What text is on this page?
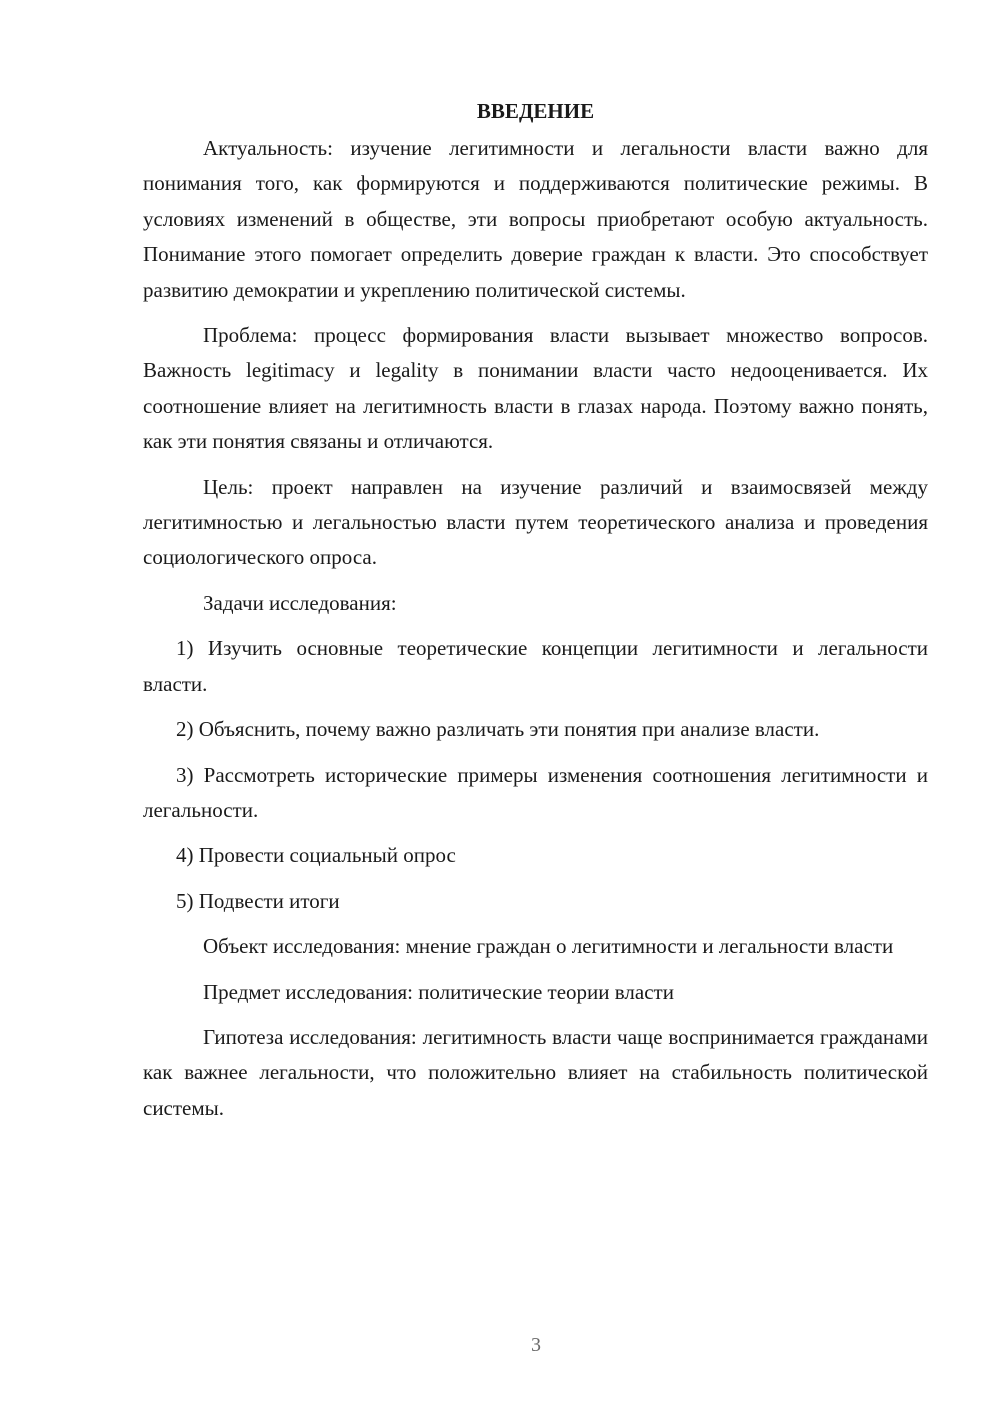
ВВЕДЕНИЕ

Актуальность: изучение легитимности и легальности власти важно для понимания того, как формируются и поддерживаются политические режимы. В условиях изменений в обществе, эти вопросы приобретают особую актуальность. Понимание этого помогает определить доверие граждан к власти. Это способствует развитию демократии и укреплению политической системы.

Проблема: процесс формирования власти вызывает множество вопросов. Важность legitimacy и legality в понимании власти часто недооценивается. Их соотношение влияет на легитимность власти в глазах народа. Поэтому важно понять, как эти понятия связаны и отличаются.

Цель: проект направлен на изучение различий и взаимосвязей между легитимностью и легальностью власти путем теоретического анализа и проведения социологического опроса.

Задачи исследования:

1) Изучить основные теоретические концепции легитимности и легальности власти.

2) Объяснить, почему важно различать эти понятия при анализе власти.

3) Рассмотреть исторические примеры изменения соотношения легитимности и легальности.

4) Провести социальный опрос

5) Подвести итоги

Объект исследования: мнение граждан о легитимности и легальности власти

Предмет исследования: политические теории власти

Гипотеза исследования: легитимность власти чаще воспринимается гражданами как важнее легальности, что положительно влияет на стабильность политической системы.

3
